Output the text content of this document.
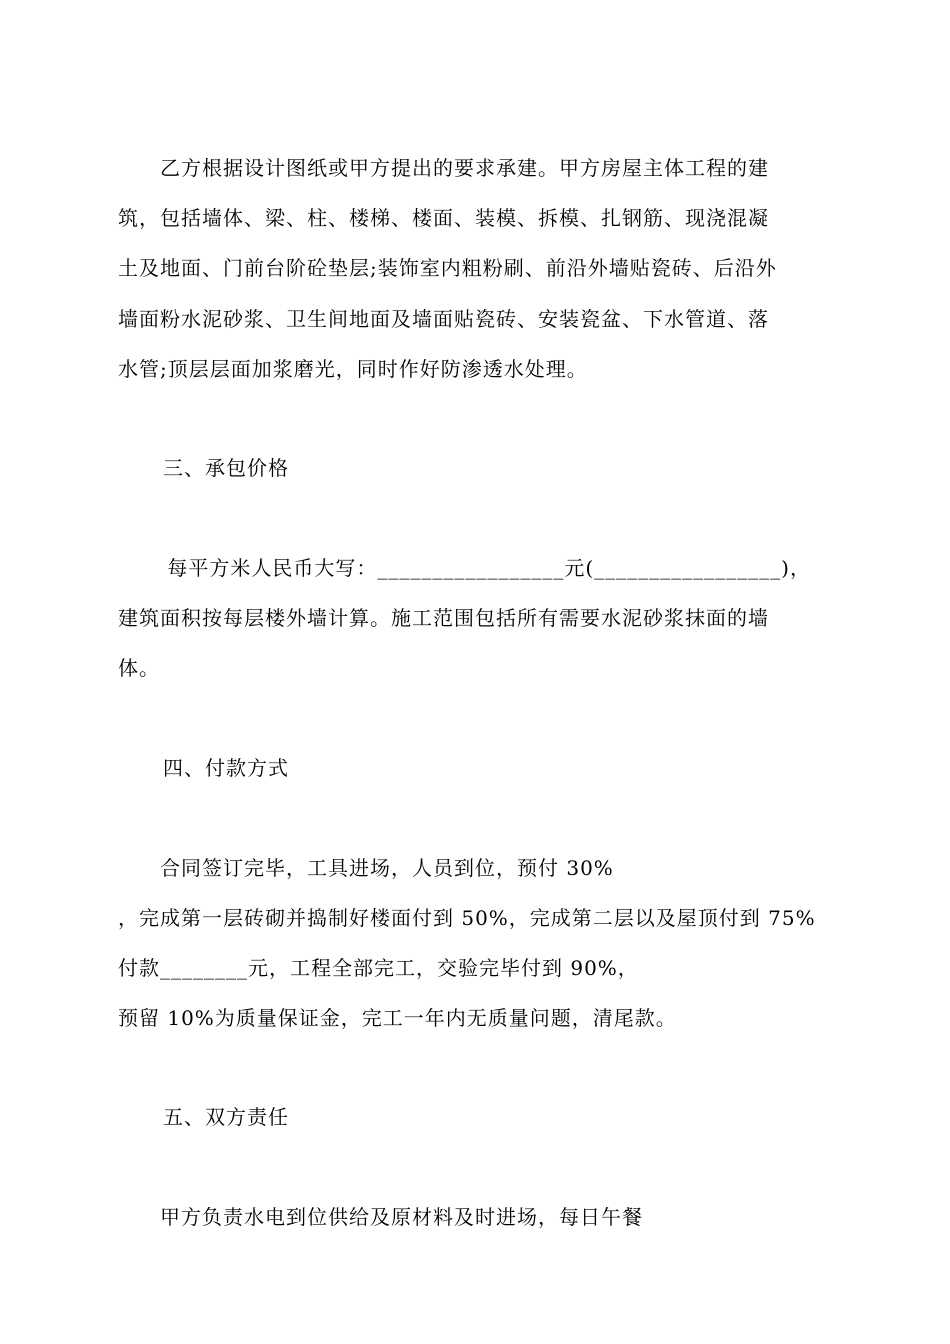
　　乙方根据设计图纸或甲方提出的要求承建。甲方房屋主体工程的建
筑，包括墙体、梁、柱、楼梯、楼面、装模、拆模、扎钢筋、现浇混凝
土及地面、门前台阶砼垫层;装饰室内粗粉刷、前沿外墙贴瓷砖、后沿外
墙面粉水泥砂浆、卫生间地面及墙面贴瓷砖、安装瓷盆、下水管道、落
水管;顶层层面加浆磨光，同时作好防渗透水处理。
三、承包价格
　　 每平方米人民币大写：_________________元(_________________)，
建筑面积按每层楼外墙计算。施工范围包括所有需要水泥砂浆抹面的墙
体。
四、付款方式
　　合同签订完毕，工具进场，人员到位，预付 30%
，完成第一层砖砌并捣制好楼面付到 50%，完成第二层以及屋顶付到 75%
付款________元，工程全部完工，交验完毕付到 90%，
预留 10%为质量保证金，完工一年内无质量问题，清尾款。
五、双方责任
　　甲方负责水电到位供给及原材料及时进场，每日午餐
